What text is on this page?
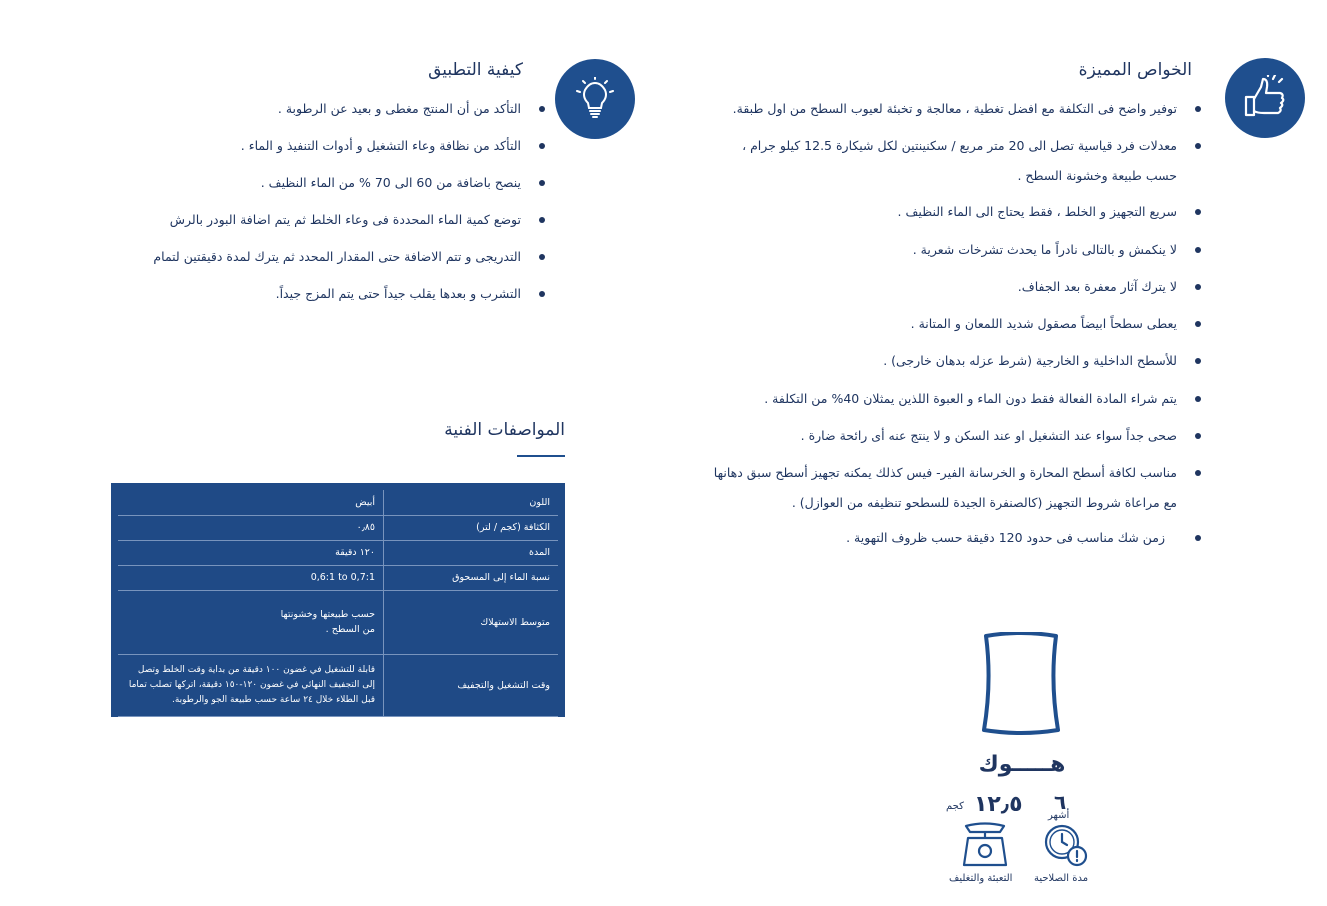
الخواص المميزة
توفير واضح فى التكلفة مع افضل تغطية ، معالجة و تخبئة لعيوب السطح من اول طبقة.
معدلات فرد قياسية تصل الى 20 متر مربع / سكنينتين لكل شيكارة 12.5 كيلو جرام ،
حسب طبيعة وخشونة السطح .
سريع التجهيز و الخلط ، فقط يحتاج الى الماء النظيف .
لا ينكمش و بالتالى نادراً ما يحدث تشرخات شعرية .
لا يترك آثار معفرة بعد الجفاف.
يعطى سطحاً ابيضاً مصقول شديد اللمعان و المتانة .
للأسطح الداخلية و الخارجية (شرط عزله بدهان خارجى) .
يتم شراء المادة الفعالة فقط دون الماء و العبوة اللذين يمثلان 40% من التكلفة .
صحى جداً سواء عند التشغيل او عند السكن و لا ينتج عنه أى رائحة ضارة .
مناسب لكافة أسطح المحارة و الخرسانة الفير- فيس كذلك يمكنه تجهيز أسطح سبق دهانها
مع مراعاة شروط التجهيز (كالصنفرة الجيدة للسطحو تنظيفه من العوازل) .
زمن شك مناسب فى حدود 120 دقيقة حسب ظروف التهوية .
كيفية التطبيق
التأكد من أن المنتج مغطى و بعيد عن الرطوبة .
التأكد من نظافة وعاء التشغيل و أدوات التنفيذ و الماء .
ينصح باضافة من 60 الى 70 % من الماء النظيف .
توضع كمية الماء المحددة فى وعاء الخلط ثم يتم اضافة البودر بالرش
التدريجى و تتم الاضافة حتى المقدار المحدد ثم يترك لمدة دقيقتين لتمام
التشرب و بعدها يقلب جيداً حتى يتم المزج جيداً.
المواصفات الفنية
اللون	أبيض
الكثافة (كجم / لتر)	٠٫٨٥
المدة	١٢٠ دقيقة
نسبة الماء إلى المسحوق	0,6:1 to 0,7:1
متوسط الاستهلاك	حسب طبيعتها وخشونتها
من السطح .

وقت التشغيل والتجفيف	قابلة للتشغيل في غضون ١٠٠ دقيقة من بداية وقت الخلط وتصل
إلى التجفيف النهائي في غضون ١٢٠-١٥٠ دقيقة، اتركها تصلب تماما
قبل الطلاء خلال ٢٤ ساعة حسب طبيعة الجو والرطوبة.
هـــــوك
١٢٫٥
كجم
التعبئة والتغليف
٦
أشهر
مدة الصلاحية
